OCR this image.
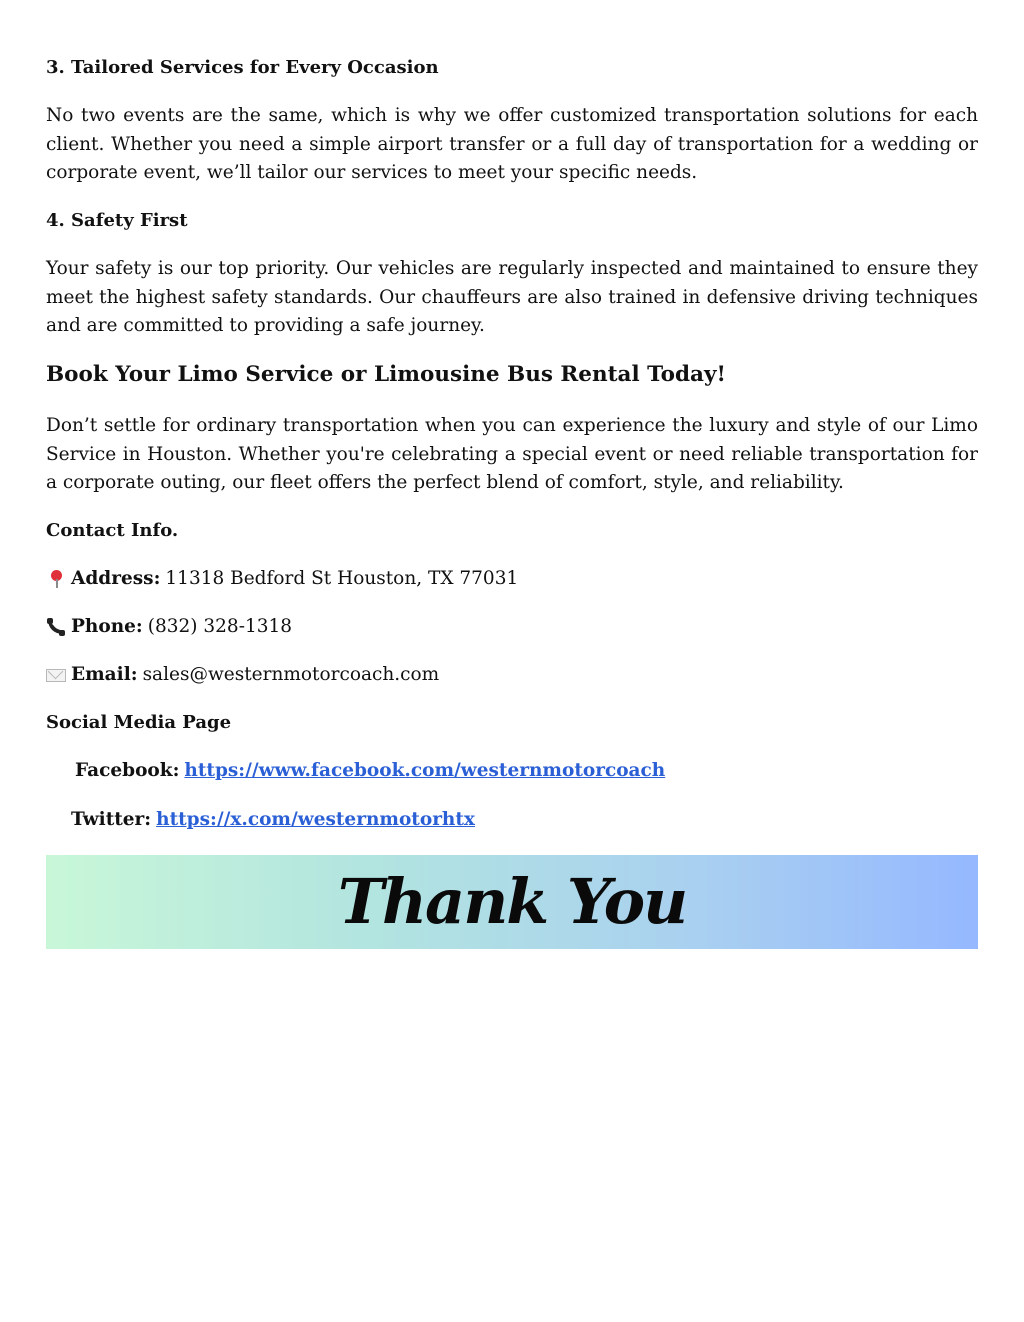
3. Tailored Services for Every Occasion

No two events are the same, which is why we offer customized transportation solutions for each client. Whether you need a simple airport transfer or a full day of transportation for a wedding or corporate event, we’ll tailor our services to meet your specific needs.

4. Safety First

Your safety is our top priority. Our vehicles are regularly inspected and maintained to ensure they meet the highest safety standards. Our chauffeurs are also trained in defensive driving techniques and are committed to providing a safe journey.

Book Your Limo Service or Limousine Bus Rental Today!

Don’t settle for ordinary transportation when you can experience the luxury and style of our Limo Service in Houston. Whether you're celebrating a special event or need reliable transportation for a corporate outing, our fleet offers the perfect blend of comfort, style, and reliability.

Contact Info.
Address: 11318 Bedford St Houston, TX 77031
Phone: (832) 328-1318
Email: sales@westernmotorcoach.com
Social Media Page
Facebook: https://www.facebook.com/westernmotorcoach
Twitter: https://x.com/westernmotorhtx
Thank You
